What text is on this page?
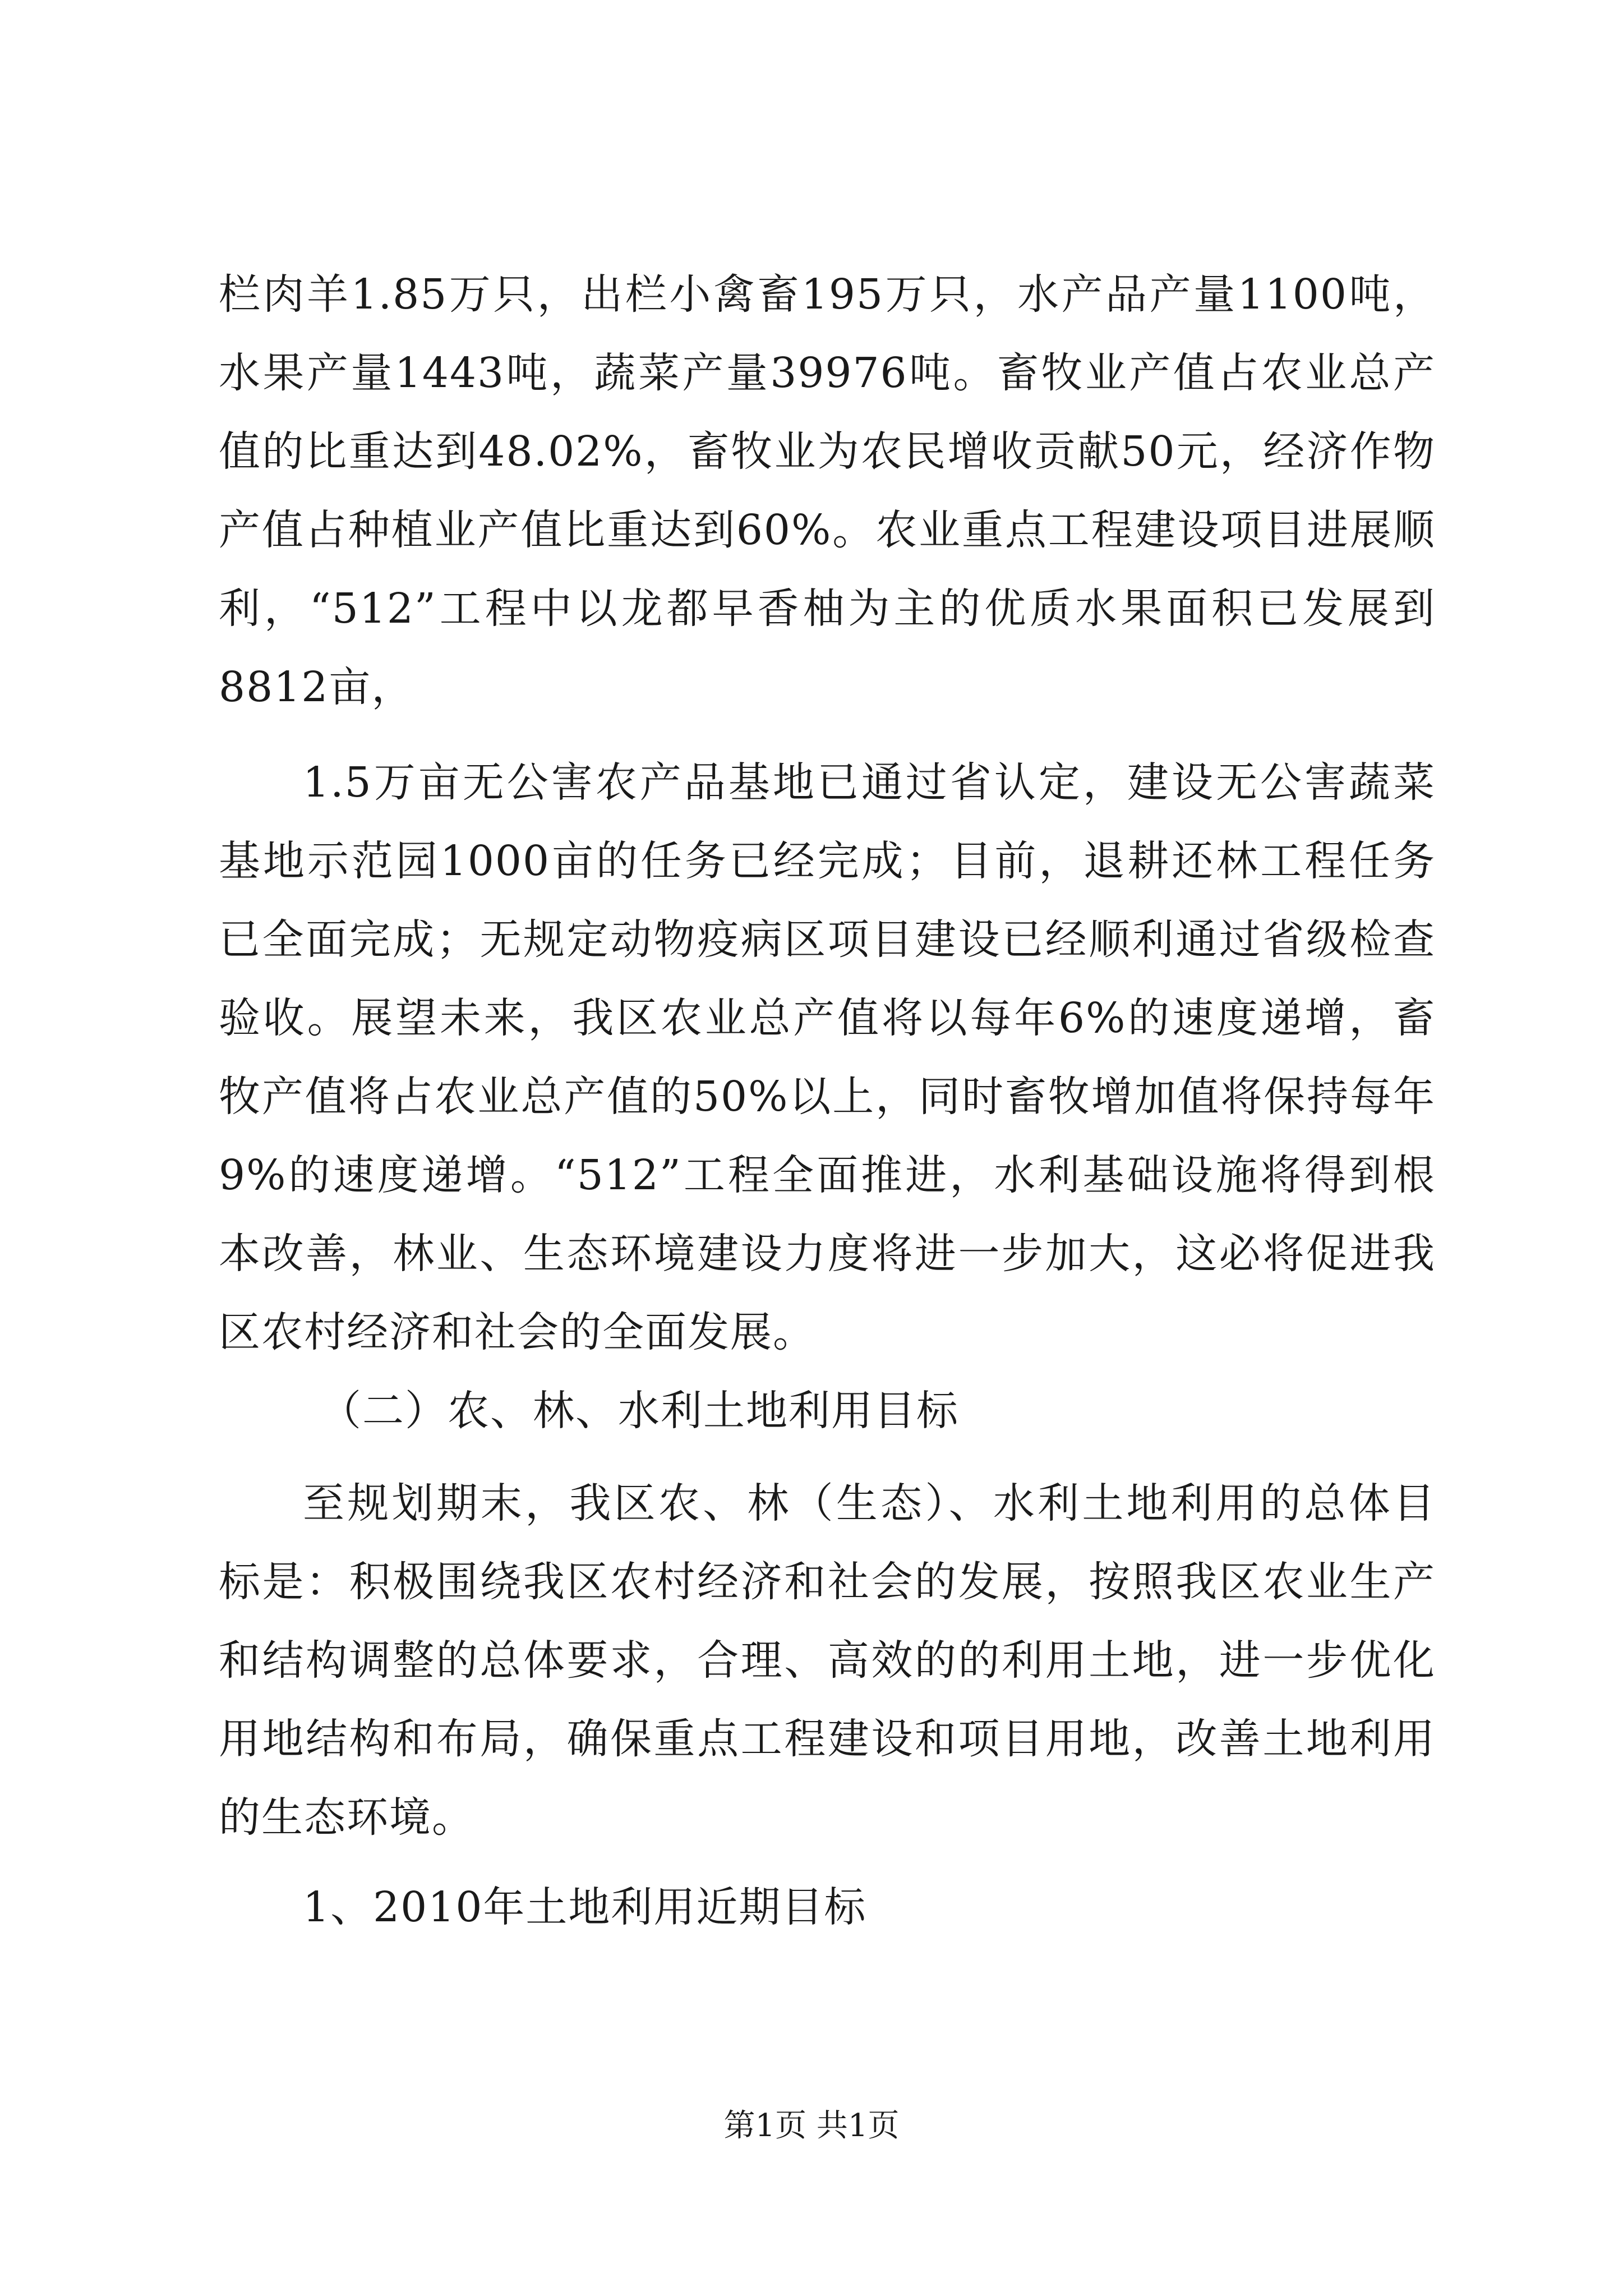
栏肉羊1.85万只，出栏小禽畜195万只，水产品产量1100吨，
水果产量1443吨，蔬菜产量39976吨。畜牧业产值占农业总产
值的比重达到48.02%，畜牧业为农民增收贡献50元，经济作物
产值占种植业产值比重达到60%。农业重点工程建设项目进展顺
利，“512”工程中以龙都早香柚为主的优质水果面积已发展到
8812亩，
1.5万亩无公害农产品基地已通过省认定，建设无公害蔬菜
基地示范园1000亩的任务已经完成；目前，退耕还林工程任务
已全面完成；无规定动物疫病区项目建设已经顺利通过省级检查
验收。展望未来，我区农业总产值将以每年6%的速度递增，畜
牧产值将占农业总产值的50%以上，同时畜牧增加值将保持每年
9%的速度递增。“512”工程全面推进，水利基础设施将得到根
本改善，林业、生态环境建设力度将进一步加大，这必将促进我
区农村经济和社会的全面发展。
（二）农、林、水利土地利用目标
至规划期末，我区农、林（生态）、水利土地利用的总体目
标是：积极围绕我区农村经济和社会的发展，按照我区农业生产
和结构调整的总体要求，合理、高效的的利用土地，进一步优化
用地结构和布局，确保重点工程建设和项目用地，改善土地利用
的生态环境。
1、2010年土地利用近期目标
第1页 共1页
